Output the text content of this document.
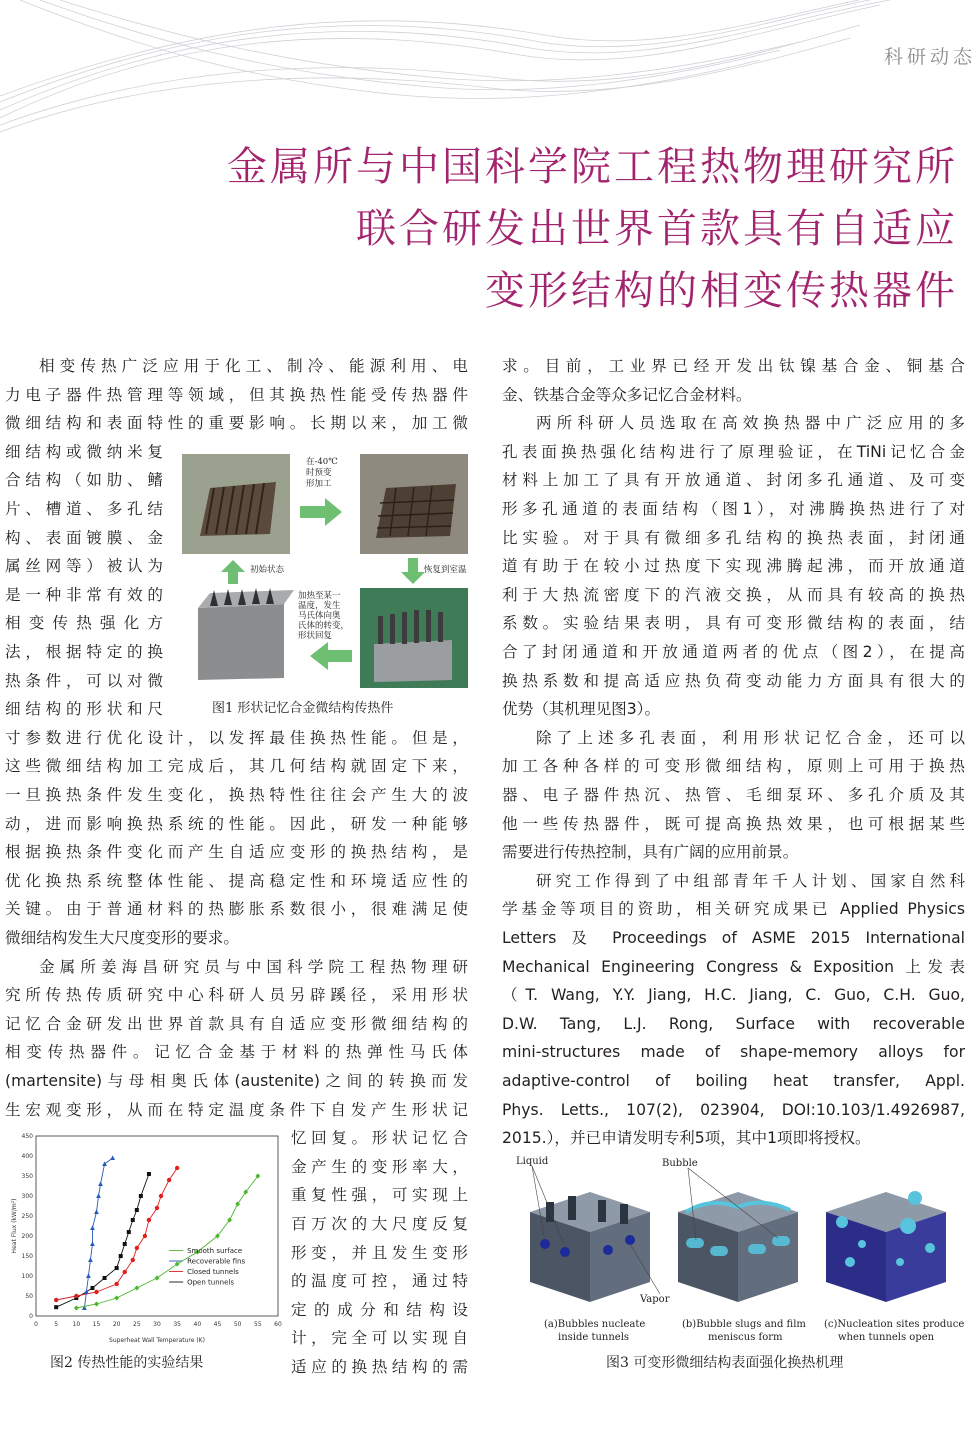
科研动态
金属所与中国科学院工程热物理研究所
联合研发出世界首款具有自适应
变形结构的相变传热器件

相变传热广泛应用于化工、制冷、能源利用、电

力电子器件热管理等领域，但其换热性能受传热器件

微细结构和表面特性的重要影响。长期以来，加工微

细结构或微纳米复

合结构（如肋、鳍

片、槽道、多孔结

构、表面镀膜、金

属丝网等）被认为

是一种非常有效的

相变传热强化方

法，根据特定的换

热条件，可以对微

细结构的形状和尺

寸参数进行优化设计，以发挥最佳换热性能。但是，

这些微细结构加工完成后，其几何结构就固定下来，

一旦换热条件发生变化，换热特性往往会产生大的波

动，进而影响换热系统的性能。因此，研发一种能够

根据换热条件变化而产生自适应变形的换热结构，是

优化换热系统整体性能、提高稳定性和环境适应性的

关键。由于普通材料的热膨胀系数很小，很难满足使

微细结构发生大尺度变形的要求。

金属所姜海昌研究员与中国科学院工程热物理研

究所传热传质研究中心科研人员另辟蹊径，采用形状

记忆合金研发出世界首款具有自适应变形微细结构的

相变传热器件。记忆合金基于材料的热弹性马氏体

(martensite)与母相奥氏体(austenite)之间的转换而发

生宏观变形，从而在特定温度条件下自发产生形状记

忆回复。形状记忆合

金产生的变形率大，

重复性强，可实现上

百万次的大尺度反复

形变，并且发生变形

的温度可控，通过特

定的成分和结构设

计，完全可以实现自

适应的换热结构的需

在-40℃
时预变
形加工
初始状态	恢复到室温
加热至某一
温度，发生
马氏体向奥
氏体的转变，
形状回复
图1 形状记忆合金微结构传热件
0	5 10 15 20 25 30 35 40 45 50 55 60
0
50
100
150
200
250
300
350
400
450
Superheat Wall Temperature (K)
Heat Flux (kW/m²)
Open tunnels
Closed tunnels
Recoverable fins
Smooth surface
图2 传热性能的实验结果

求。目前，工业界已经开发出钛镍基合金、铜基合

金、铁基合金等众多记忆合金材料。

两所科研人员选取在高效换热器中广泛应用的多

孔表面换热强化结构进行了原理验证，在TiNi记忆合金

材料上加工了具有开放通道、封闭多孔通道、及可变

形多孔通道的表面结构（图1），对沸腾换热进行了对

比实验。对于具有微细多孔结构的换热表面，封闭通

道有助于在较小过热度下实现沸腾起沸，而开放通道

利于大热流密度下的汽液交换，从而具有较高的换热

系数。实验结果表明，具有可变形微结构的表面，结

合了封闭通道和开放通道两者的优点（图2），在提高

换热系数和提高适应热负荷变动能力方面具有很大的

优势（其机理见图3）。

除了上述多孔表面，利用形状记忆合金，还可以

加工各种各样的可变形微细结构，原则上可用于换热

器、电子器件热沉、热管、毛细泵环、多孔介质及其

他一些传热器件，既可提高换热效果，也可根据某些

需要进行传热控制，具有广阔的应用前景。

研究工作得到了中组部青年千人计划、国家自然科

学基金等项目的资助，相关研究成果已 Applied Physics

Letters 及 Proceedings of ASME 2015 International

Mechanical Engineering Congress & Exposition 上发表

（T. Wang, Y.Y. Jiang, H.C. Jiang, C. Guo, C.H. Guo,

D.W. Tang, L.J. Rong, Surface with recoverable

mini-structures made of shape-memory alloys for

adaptive-control of boiling heat transfer, Appl.

Phys. Letts., 107(2), 023904, DOI:10.103/1.4926987,

2015.），并已申请发明专利5项，其中1项即将授权。

Liquid	Bubble
Vapor
(a)Bubbles nucleate
inside tunnels
(b)Bubble slugs and film
meniscus form
(c)Nucleation sites produce
when tunnels open
图3 可变形微细结构表面强化换热机理
